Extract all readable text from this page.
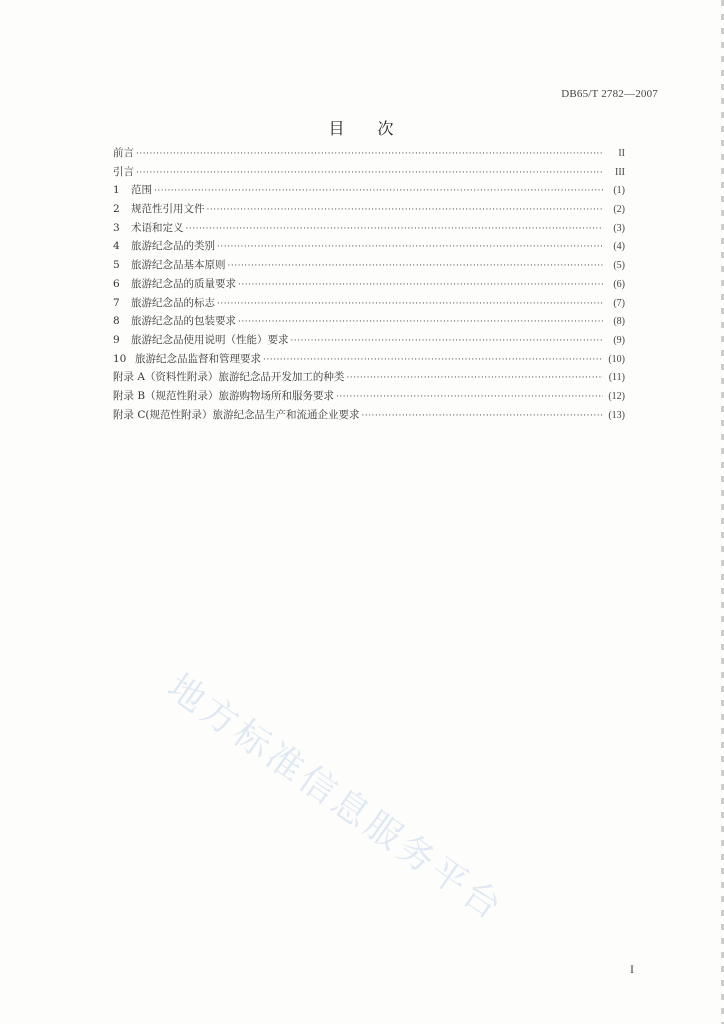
DB65/T 2782—2007
目 次
前言 ·····	II
引言 ·····	III
1	范围 ·····	(1)
2	规范性引用文件 ·····	(2)
3	术语和定义 ·····	(3)
4	旅游纪念品的类别 ·····	(4)
5	旅游纪念品基本原则 ·····	(5)
6	旅游纪念品的质量要求 ·····	(6)
7	旅游纪念品的标志 ·····	(7)
8	旅游纪念品的包装要求 ·····	(8)
9	旅游纪念品使用说明（性能）要求 ·····	(9)
10 旅游纪念品监督和管理要求 ·····	(10)
附录 A（资料性附录）旅游纪念品开发加工的种类 ·····	(11)
附录 B（规范性附录）旅游购物场所和服务要求 ·····	(12)
附录 C(规范性附录）旅游纪念品生产和流通企业要求 ·····	(13)
地方标准信息服务平台
I
